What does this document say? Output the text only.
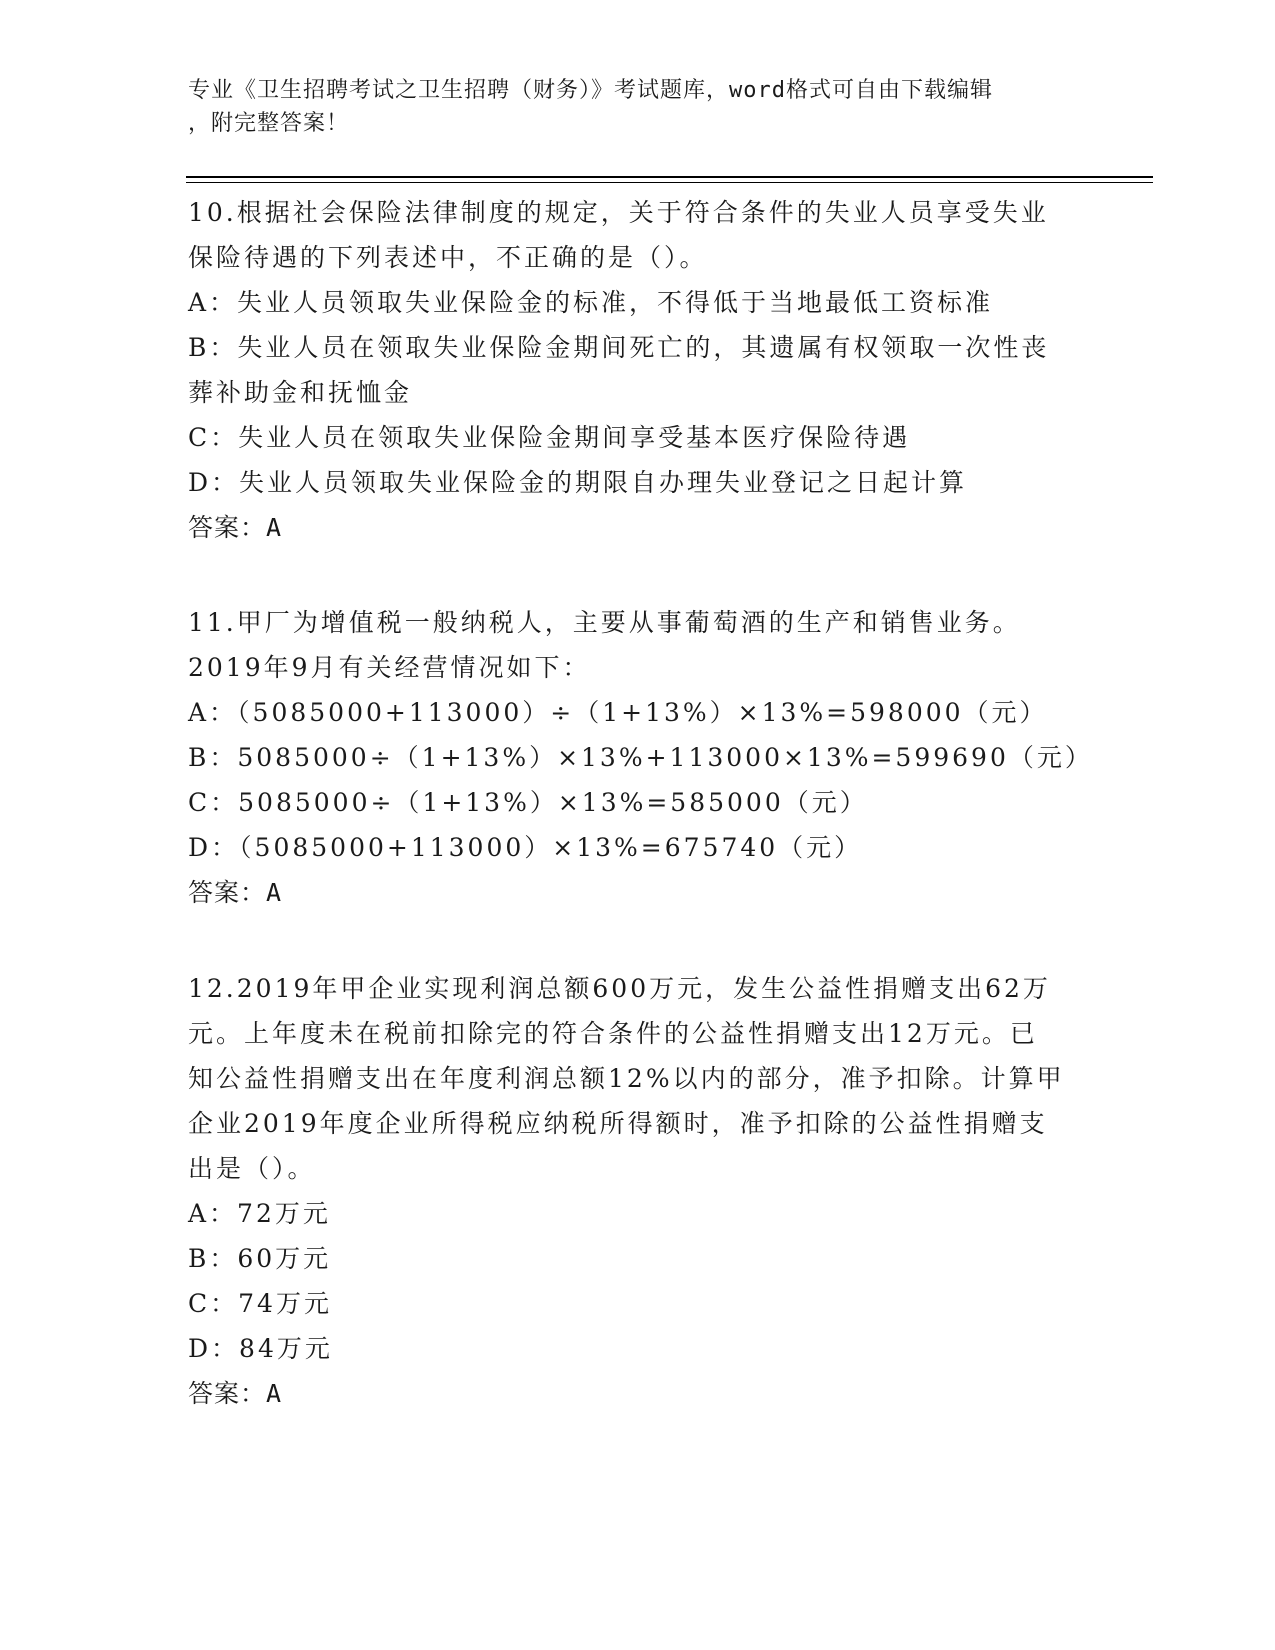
专业《卫生招聘考试之卫生招聘（财务）》考试题库，word格式可自由下载编辑
，附完整答案！

10.根据社会保险法律制度的规定，关于符合条件的失业人员享受失业

保险待遇的下列表述中，不正确的是（）。

A：失业人员领取失业保险金的标准，不得低于当地最低工资标准

B：失业人员在领取失业保险金期间死亡的，其遗属有权领取一次性丧

葬补助金和抚恤金

C：失业人员在领取失业保险金期间享受基本医疗保险待遇

D：失业人员领取失业保险金的期限自办理失业登记之日起计算

答案：A

11.甲厂为增值税一般纳税人，主要从事葡萄酒的生产和销售业务。

2019年9月有关经营情况如下：

A：（5085000+113000）÷（1+13%）×13%=598000（元）

B：5085000÷（1+13%）×13%+113000×13%=599690（元）

C：5085000÷（1+13%）×13%=585000（元）

D：（5085000+113000）×13%=675740（元）

答案：A

12.2019年甲企业实现利润总额600万元，发生公益性捐赠支出62万

元。上年度未在税前扣除完的符合条件的公益性捐赠支出12万元。已

知公益性捐赠支出在年度利润总额12%以内的部分，准予扣除。计算甲

企业2019年度企业所得税应纳税所得额时，准予扣除的公益性捐赠支

出是（）。

A：72万元

B：60万元

C：74万元

D：84万元

答案：A
